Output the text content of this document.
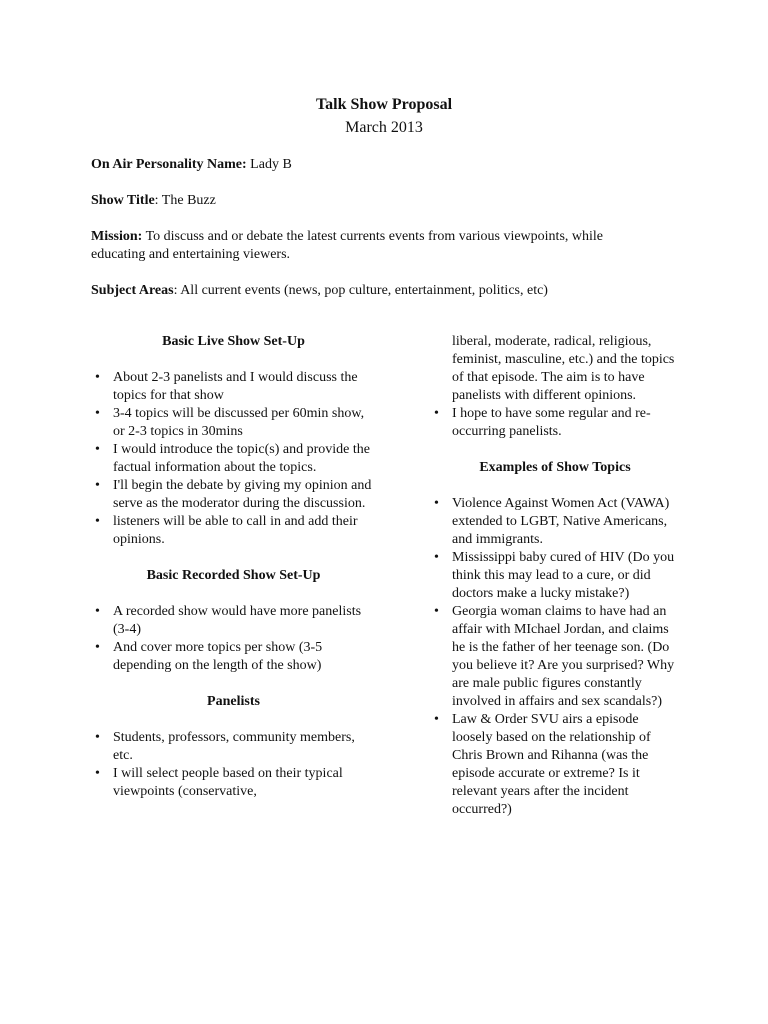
Talk Show Proposal
March 2013
On Air Personality Name: Lady B
Show Title: The Buzz
Mission: To discuss and or debate the latest currents events from various viewpoints, while educating and entertaining viewers.
Subject Areas: All current events (news, pop culture, entertainment, politics, etc)
Basic Live Show Set-Up
• About 2-3 panelists and I would discuss the topics for that show
• 3-4 topics will be discussed per 60min show, or 2-3 topics in 30mins
• I would introduce the topic(s) and provide the factual information about the topics.
• I'll begin the debate by giving my opinion and serve as the moderator during the discussion.
• listeners will be able to call in and add their opinions.
Basic Recorded Show Set-Up
• A recorded show would have more panelists (3-4)
• And cover more topics per show (3-5 depending on the length of the show)
Panelists
• Students, professors, community members, etc.
• I will select people based on their typical viewpoints (conservative,
liberal, moderate, radical, religious, feminist, masculine, etc.) and the topics of that episode. The aim is to have panelists with different opinions.
• I hope to have some regular and re-occurring panelists.
Examples of Show Topics
• Violence Against Women Act (VAWA) extended to LGBT, Native Americans, and immigrants.
• Mississippi baby cured of HIV (Do you think this may lead to a cure, or did doctors make a lucky mistake?)
• Georgia woman claims to have had an affair with MIchael Jordan, and claims he is the father of her teenage son. (Do you believe it? Are you surprised? Why are male public figures constantly involved in affairs and sex scandals?)
• Law & Order SVU airs a episode loosely based on the relationship of Chris Brown and Rihanna (was the episode accurate or extreme? Is it relevant years after the incident occurred?)
